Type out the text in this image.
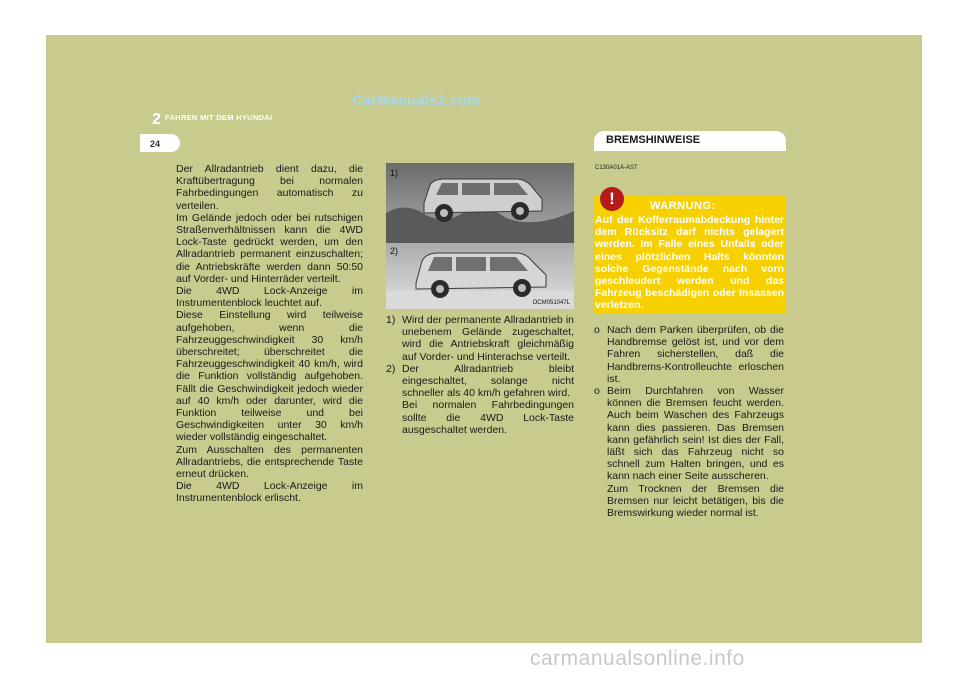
CarManuals2.com
2 FAHREN MIT DEM HYUNDAI
24

Der Allradantrieb dient dazu, die Kraftübertragung bei normalen Fahrbedingungen automatisch zu verteilen.

Im Gelände jedoch oder bei rutschigen Straßenverhältnissen kann die 4WD Lock-Taste gedrückt werden, um den Allradantrieb permanent einzuschalten; die Antriebskräfte werden dann 50:50 auf Vorder- und Hinterräder verteilt.

Die 4WD Lock-Anzeige im Instrumentenblock leuchtet auf.

Diese Einstellung wird teilweise aufgehoben, wenn die Fahrzeuggeschwindigkeit 30 km/h überschreitet; überschreitet die Fahrzeuggeschwindigkeit 40 km/h, wird die Funktion vollständig aufgehoben. Fällt die Geschwindigkeit jedoch wieder auf 40 km/h oder darunter, wird die Funktion teilweise und bei Geschwindigkeiten unter 30 km/h wieder vollständig eingeschaltet.

Zum Ausschalten des permanenten Allradantriebs, die entsprechende Taste erneut drücken.

Die 4WD Lock-Anzeige im Instrumentenblock erlischt.

1)
2)
OCM051047L
1) Wird der permanente Allradantrieb in unebenem Gelände zugeschaltet, wird die Antriebskraft gleichmäßig auf Vorder- und Hinterachse verteilt.
2) Der Allradantrieb bleibt eingeschaltet, solange nicht schneller als 40 km/h gefahren wird.
Bei normalen Fahrbedingungen sollte die 4WD Lock-Taste ausgeschaltet werden.
BREMSHINWEISE
C130A01A-AST
!	WARNUNG:
Auf der Kofferraumabdeckung hinter dem Rücksitz darf nichts gelagert werden. Im Falle eines Unfalls oder eines plötzlichen Halts könnten solche Gegenstände nach vorn geschleudert werden und das Fahrzeug beschädigen oder Insassen verletzen.
o Nach dem Parken überprüfen, ob die Handbremse gelöst ist, und vor dem Fahren sicherstellen, daß die Handbrems-Kontrolleuchte erloschen ist.
o Beim Durchfahren von Wasser können die Bremsen feucht werden. Auch beim Waschen des Fahrzeugs kann dies passieren. Das Bremsen kann gefährlich sein! Ist dies der Fall, läßt sich das Fahrzeug nicht so schnell zum Halten bringen, und es kann nach einer Seite ausscheren.
Zum Trocknen der Bremsen die Bremsen nur leicht betätigen, bis die Bremswirkung wieder normal ist.
carmanualsonline.info
